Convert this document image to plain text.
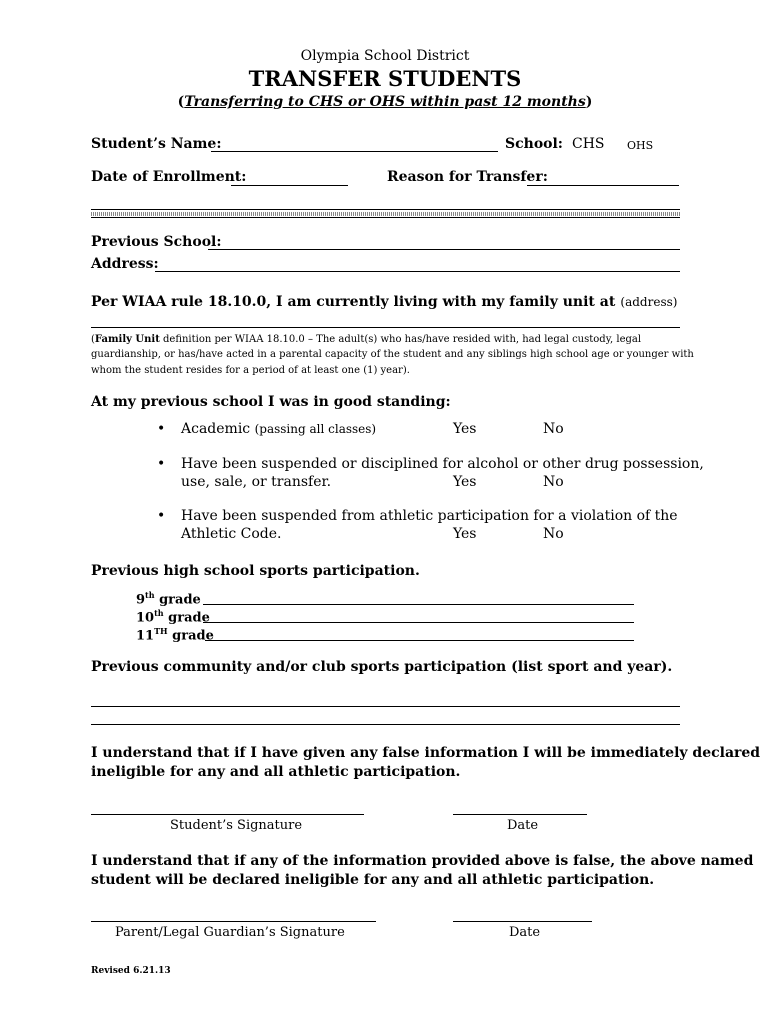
Olympia School District
TRANSFER STUDENTS
(Transferring to CHS or OHS within past 12 months)
Student’s Name:	School: CHS OHS
Date of Enrollment:	Reason for Transfer:
Previous School:
Address:
Per WIAA rule 18.10.0, I am currently living with my family unit at (address)
(Family Unit definition per WIAA 18.10.0 – The adult(s) who has/have resided with, had legal custody, legal
guardianship, or has/have acted in a parental capacity of the student and any siblings high school age or younger with
whom the student resides for a period of at least one (1) year).
At my previous school I was in good standing:
• Academic (passing all classes)	Yes	No
• Have been suspended or disciplined for alcohol or other drug possession,
use, sale, or transfer.	Yes	No
• Have been suspended from athletic participation for a violation of the
Athletic Code.	Yes	No
Previous high school sports participation.
9th grade
10th grade
11TH grade
Previous community and/or club sports participation (list sport and year).
I understand that if I have given any false information I will be immediately declared
ineligible for any and all athletic participation.
Student’s Signature	Date
I understand that if any of the information provided above is false, the above named
student will be declared ineligible for any and all athletic participation.
Parent/Legal Guardian’s Signature	Date
Revised 6.21.13
